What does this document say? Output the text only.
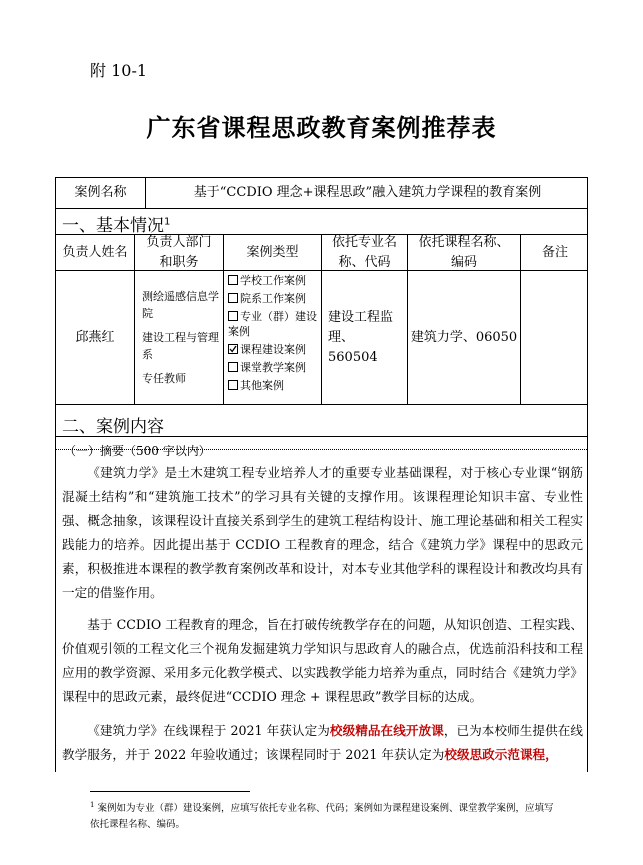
附 10-1
广东省课程思政教育案例推荐表
案例名称	基于“CCDIO 理念+课程思政”融入建筑力学课程的教育案例
一、基本情况$^1$
负责人姓名
负责人部门和职务
案例类型
依托专业名称、代码
依托课程名称、编码
备注
邱燕红
测绘遥感信息学院
建设工程与管理系
专任教师
学校工作案例
院系工作案例
专业（群）建设案例
课程建设案例
课堂教学案例
其他案例
建设工程监理、560504
建筑力学、06050
二、案例内容
（一）摘要（500 字以内）
《建筑力学》是土木建筑工程专业培养人才的重要专业基础课程，对于核心专业课“钢筋混凝土结构”和“建筑施工技术”的学习具有关键的支撑作用。该课程理论知识丰富、专业性强、概念抽象，该课程设计直接关系到学生的建筑工程结构设计、施工理论基础和相关工程实践能力的培养。因此提出基于 CCDIO 工程教育的理念，结合《建筑力学》课程中的思政元素，积极推进本课程的教学教育案例改革和设计，对本专业其他学科的课程设计和教改均具有一定的借鉴作用。
基于 CCDIO 工程教育的理念，旨在打破传统教学存在的问题，从知识创造、工程实践、价值观引领的工程文化三个视角发掘建筑力学知识与思政育人的融合点，优选前沿科技和工程应用的教学资源、采用多元化教学模式、以实践教学能力培养为重点，同时结合《建筑力学》课程中的思政元素，最终促进“CCDIO 理念 + 课程思政”教学目标的达成。
《建筑力学》在线课程于 2021 年获认定为校级精品在线开放课，已为本校师生提供在线教学服务，并于 2022 年验收通过；该课程同时于 2021 年获认定为校级思政示范课程，
$^1$ 案例如为专业（群）建设案例，应填写依托专业名称、代码；案例如为课程建设案例、课堂教学案例，应填写依托课程名称、编码。
